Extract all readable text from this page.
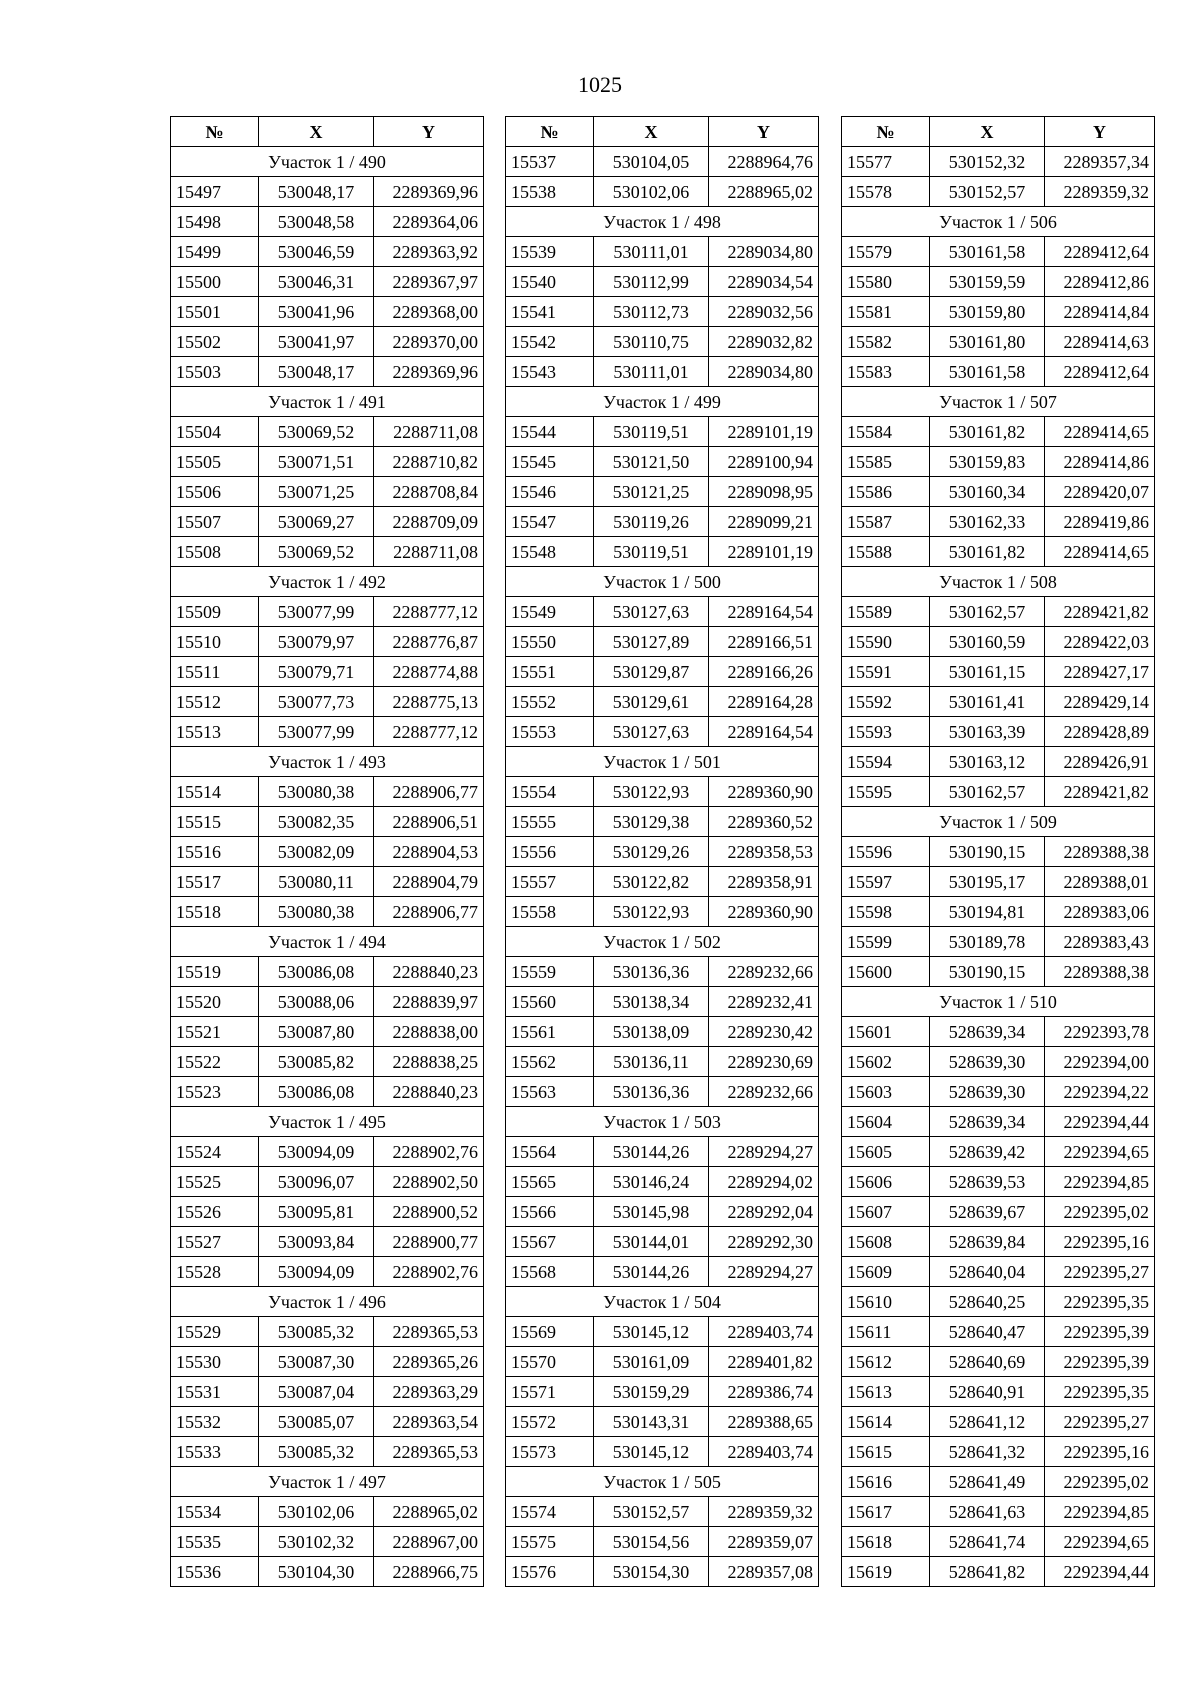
1025
№	X	Y
Участок 1 / 490		
15497	530048,17	2289369,96
15498	530048,58	2289364,06
15499	530046,59	2289363,92
15500	530046,31	2289367,97
15501	530041,96	2289368,00
15502	530041,97	2289370,00
15503	530048,17	2289369,96
Участок 1 / 491		
15504	530069,52	2288711,08
15505	530071,51	2288710,82
15506	530071,25	2288708,84
15507	530069,27	2288709,09
15508	530069,52	2288711,08
Участок 1 / 492		
15509	530077,99	2288777,12
15510	530079,97	2288776,87
15511	530079,71	2288774,88
15512	530077,73	2288775,13
15513	530077,99	2288777,12
Участок 1 / 493		
15514	530080,38	2288906,77
15515	530082,35	2288906,51
15516	530082,09	2288904,53
15517	530080,11	2288904,79
15518	530080,38	2288906,77
Участок 1 / 494		
15519	530086,08	2288840,23
15520	530088,06	2288839,97
15521	530087,80	2288838,00
15522	530085,82	2288838,25
15523	530086,08	2288840,23
Участок 1 / 495		
15524	530094,09	2288902,76
15525	530096,07	2288902,50
15526	530095,81	2288900,52
15527	530093,84	2288900,77
15528	530094,09	2288902,76
Участок 1 / 496		
15529	530085,32	2289365,53
15530	530087,30	2289365,26
15531	530087,04	2289363,29
15532	530085,07	2289363,54
15533	530085,32	2289365,53
Участок 1 / 497		
15534	530102,06	2288965,02
15535	530102,32	2288967,00
15536	530104,30	2288966,75
№	X	Y
15537	530104,05	2288964,76
15538	530102,06	2288965,02
Участок 1 / 498		
15539	530111,01	2289034,80
15540	530112,99	2289034,54
15541	530112,73	2289032,56
15542	530110,75	2289032,82
15543	530111,01	2289034,80
Участок 1 / 499		
15544	530119,51	2289101,19
15545	530121,50	2289100,94
15546	530121,25	2289098,95
15547	530119,26	2289099,21
15548	530119,51	2289101,19
Участок 1 / 500		
15549	530127,63	2289164,54
15550	530127,89	2289166,51
15551	530129,87	2289166,26
15552	530129,61	2289164,28
15553	530127,63	2289164,54
Участок 1 / 501		
15554	530122,93	2289360,90
15555	530129,38	2289360,52
15556	530129,26	2289358,53
15557	530122,82	2289358,91
15558	530122,93	2289360,90
Участок 1 / 502		
15559	530136,36	2289232,66
15560	530138,34	2289232,41
15561	530138,09	2289230,42
15562	530136,11	2289230,69
15563	530136,36	2289232,66
Участок 1 / 503		
15564	530144,26	2289294,27
15565	530146,24	2289294,02
15566	530145,98	2289292,04
15567	530144,01	2289292,30
15568	530144,26	2289294,27
Участок 1 / 504		
15569	530145,12	2289403,74
15570	530161,09	2289401,82
15571	530159,29	2289386,74
15572	530143,31	2289388,65
15573	530145,12	2289403,74
Участок 1 / 505		
15574	530152,57	2289359,32
15575	530154,56	2289359,07
15576	530154,30	2289357,08
№	X	Y
15577	530152,32	2289357,34
15578	530152,57	2289359,32
Участок 1 / 506		
15579	530161,58	2289412,64
15580	530159,59	2289412,86
15581	530159,80	2289414,84
15582	530161,80	2289414,63
15583	530161,58	2289412,64
Участок 1 / 507		
15584	530161,82	2289414,65
15585	530159,83	2289414,86
15586	530160,34	2289420,07
15587	530162,33	2289419,86
15588	530161,82	2289414,65
Участок 1 / 508		
15589	530162,57	2289421,82
15590	530160,59	2289422,03
15591	530161,15	2289427,17
15592	530161,41	2289429,14
15593	530163,39	2289428,89
15594	530163,12	2289426,91
15595	530162,57	2289421,82
Участок 1 / 509		
15596	530190,15	2289388,38
15597	530195,17	2289388,01
15598	530194,81	2289383,06
15599	530189,78	2289383,43
15600	530190,15	2289388,38
Участок 1 / 510		
15601	528639,34	2292393,78
15602	528639,30	2292394,00
15603	528639,30	2292394,22
15604	528639,34	2292394,44
15605	528639,42	2292394,65
15606	528639,53	2292394,85
15607	528639,67	2292395,02
15608	528639,84	2292395,16
15609	528640,04	2292395,27
15610	528640,25	2292395,35
15611	528640,47	2292395,39
15612	528640,69	2292395,39
15613	528640,91	2292395,35
15614	528641,12	2292395,27
15615	528641,32	2292395,16
15616	528641,49	2292395,02
15617	528641,63	2292394,85
15618	528641,74	2292394,65
15619	528641,82	2292394,44
